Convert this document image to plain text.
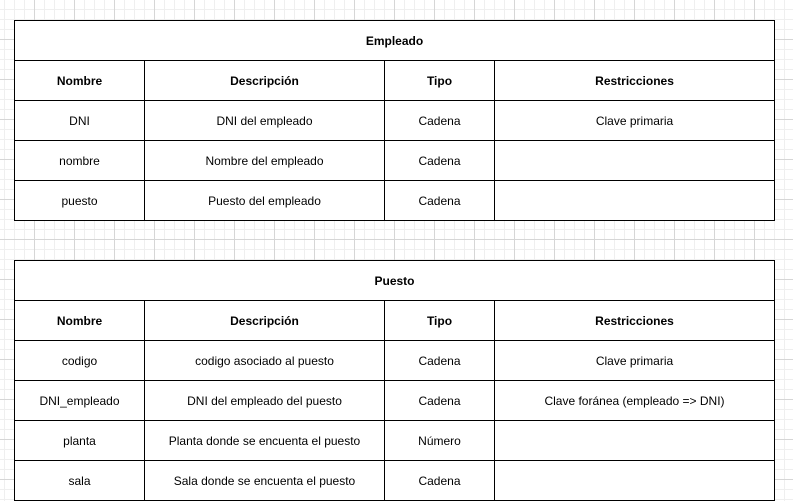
Empleado			
Nombre	Descripción	Tipo	Restricciones
DNI	DNI del empleado	Cadena	Clave primaria
nombre	Nombre del empleado	Cadena	
puesto	Puesto del empleado	Cadena	
Puesto			
Nombre	Descripción	Tipo	Restricciones
codigo	codigo asociado al puesto	Cadena	Clave primaria
DNI_empleado	DNI del empleado del puesto	Cadena	Clave foránea (empleado => DNI)
planta	Planta donde se encuenta el puesto	Número	
sala	Sala donde se encuenta el puesto	Cadena	
